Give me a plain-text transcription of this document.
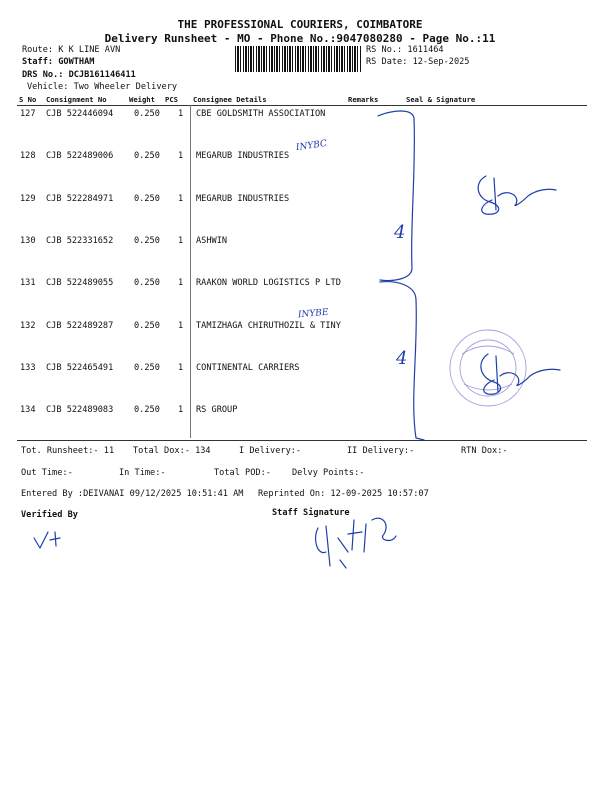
THE PROFESSIONAL COURIERS, COIMBATORE
Delivery Runsheet - MO - Phone No.:9047080280 - Page No.:11
Route: K K LINE AVN
Staff: GOWTHAM
DRS No.: DCJB161146411
Vehicle: Two Wheeler Delivery
RS No.: 1611464
RS Date: 12-Sep-2025
S No Consignment No	Weight PCS Consignee Details	Remarks	Seal & Signature
127 CJB 522446094 0.250 1 CBE GOLDSMITH ASSOCIATION
128 CJB 522489006 0.250 1 MEGARUB INDUSTRIES
129 CJB 522284971 0.250 1 MEGARUB INDUSTRIES
130 CJB 522331652 0.250 1 ASHWIN
131 CJB 522489055 0.250 1 RAAKON WORLD LOGISTICS P LTD
132 CJB 522489287 0.250 1 TAMIZHAGA CHIRUTHOZIL & TINY
133 CJB 522465491 0.250 1 CONTINENTAL CARRIERS
134 CJB 522489083 0.250 1 RS GROUP
INYBC
INYBE
4
4
Tot. Runsheet:- 11 Total Dox:- 134	I Delivery:-	II Delivery:-	RTN Dox:-
Out Time:-	In Time:-	Total POD:- Delvy Points:-
Entered By :DEIVANAI 09/12/2025 10:51:41 AM Reprinted On: 12-09-2025 10:57:07
Verified By	Staff Signature
